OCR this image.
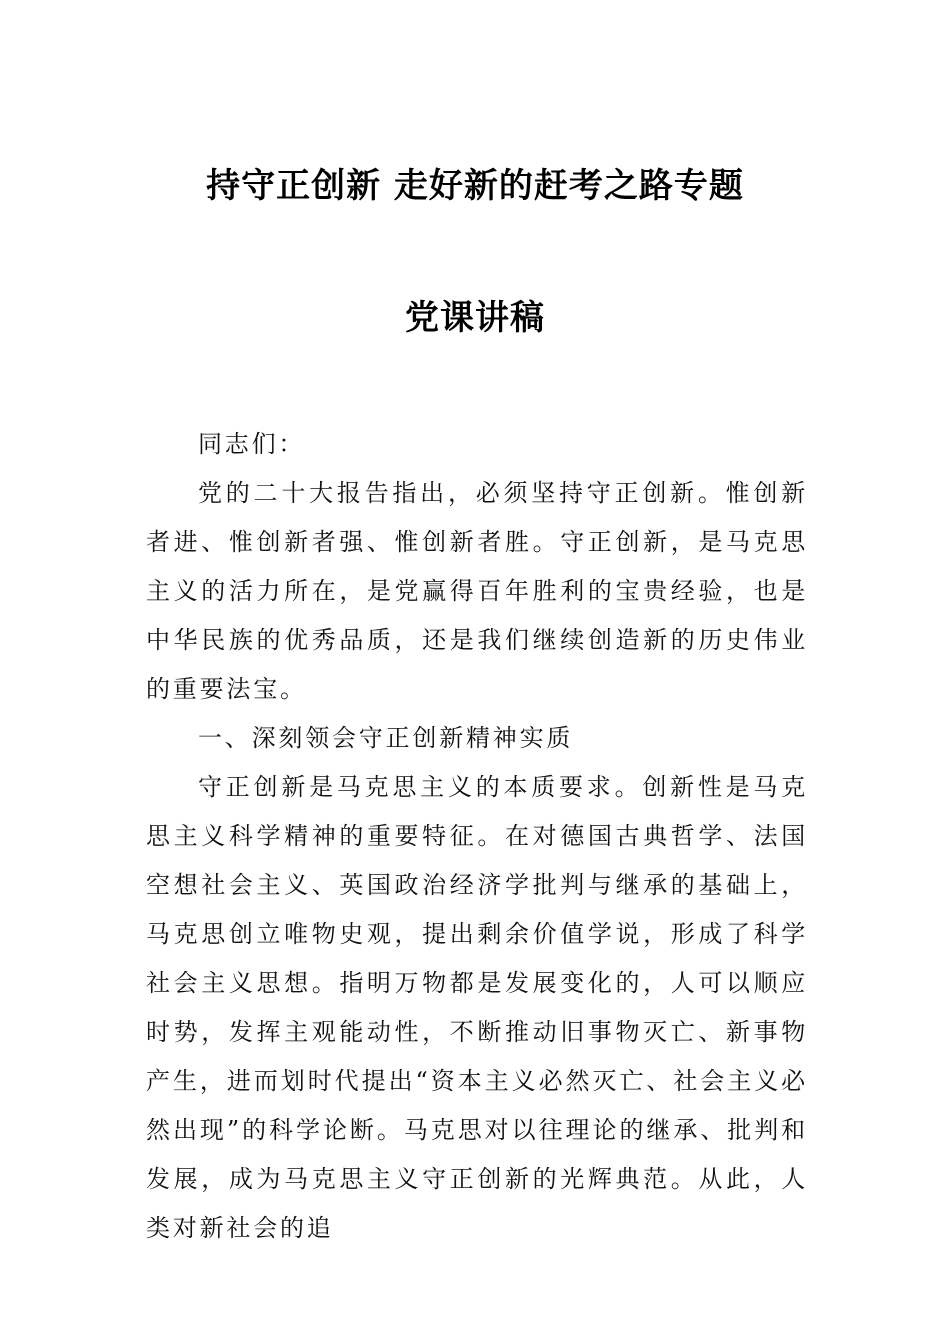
持守正创新 走好新的赶考之路专题
党课讲稿

同志们：

党的二十大报告指出，必须坚持守正创新。惟创新者进、惟创新者强、惟创新者胜。守正创新，是马克思主义的活力所在，是党赢得百年胜利的宝贵经验，也是中华民族的优秀品质，还是我们继续创造新的历史伟业的重要法宝。

一、深刻领会守正创新精神实质

守正创新是马克思主义的本质要求。创新性是马克思主义科学精神的重要特征。在对德国古典哲学、法国空想社会主义、英国政治经济学批判与继承的基础上，马克思创立唯物史观，提出剩余价值学说，形成了科学社会主义思想。指明万物都是发展变化的，人可以顺应时势，发挥主观能动性，不断推动旧事物灭亡、新事物产生，进而划时代提出“资本主义必然灭亡、社会主义必然出现”的科学论断。马克思对以往理论的继承、批判和发展，成为马克思主义守正创新的光辉典范。从此，人类对新社会的追
